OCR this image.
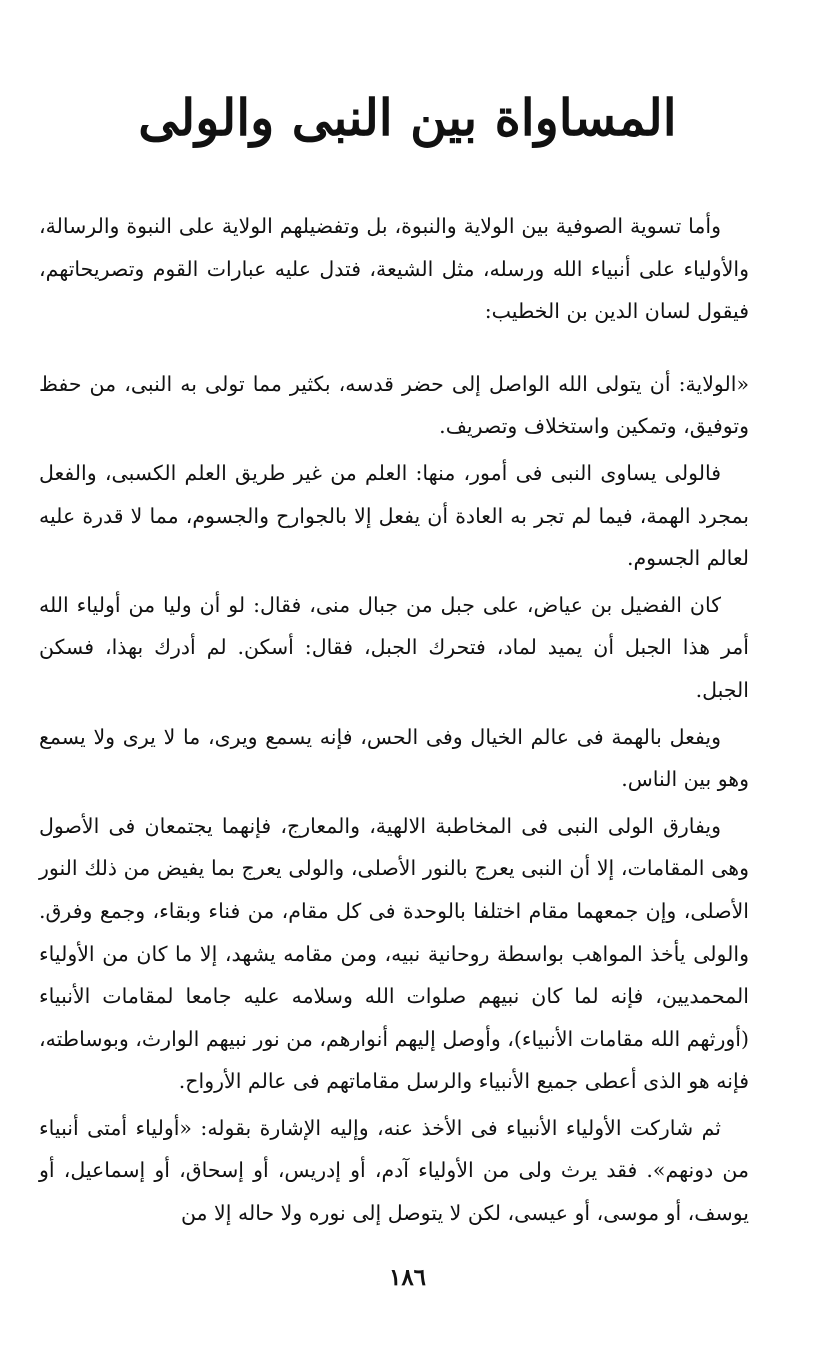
المساواة بين النبى والولى

وأما تسوية الصوفية بين الولاية والنبوة، بل وتفضيلهم الولاية على النبوة والرسالة، والأولياء على أنبياء الله ورسله، مثل الشيعة، فتدل عليه عبارات القوم وتصريحاتهم، فيقول لسان الدين بن الخطيب:

«الولاية: أن يتولى الله الواصل إلى حضر قدسه، بكثير مما تولى به النبى، من حفظ وتوفيق، وتمكين واستخلاف وتصريف.

فالولى يساوى النبى فى أمور، منها: العلم من غير طريق العلم الكسبى، والفعل بمجرد الهمة، فيما لم تجر به العادة أن يفعل إلا بالجوارح والجسوم، مما لا قدرة عليه لعالم الجسوم.

كان الفضيل بن عياض، على جبل من جبال منى، فقال: لو أن وليا من أولياء الله أمر هذا الجبل أن يميد لماد، فتحرك الجبل، فقال: أسكن. لم أدرك بهذا، فسكن الجبل.

ويفعل بالهمة فى عالم الخيال وفى الحس، فإنه يسمع ويرى، ما لا يرى ولا يسمع وهو بين الناس.

ويفارق الولى النبى فى المخاطبة الالهية، والمعارج، فإنهما يجتمعان فى الأصول وهى المقامات، إلا أن النبى يعرج بالنور الأصلى، والولى يعرج بما يفيض من ذلك النور الأصلى، وإن جمعهما مقام اختلفا بالوحدة فى كل مقام، من فناء وبقاء، وجمع وفرق. والولى يأخذ المواهب بواسطة روحانية نبيه، ومن مقامه يشهد، إلا ما كان من الأولياء المحمديين، فإنه لما كان نبيهم صلوات الله وسلامه عليه جامعا لمقامات الأنبياء (أورثهم الله مقامات الأنبياء)، وأوصل إليهم أنوارهم، من نور نبيهم الوارث، وبوساطته، فإنه هو الذى أعطى جميع الأنبياء والرسل مقاماتهم فى عالم الأرواح.

ثم شاركت الأولياء الأنبياء فى الأخذ عنه، وإليه الإشارة بقوله: «أولياء أمتى أنبياء من دونهم». فقد يرث ولى من الأولياء آدم، أو إدريس، أو إسحاق، أو إسماعيل، أو يوسف، أو موسى، أو عيسى، لكن لا يتوصل إلى نوره ولا حاله إلا من

١٨٦
